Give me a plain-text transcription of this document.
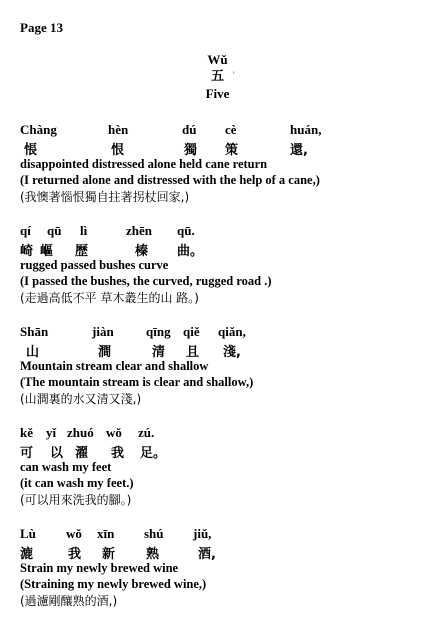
Page 13
Wǔ
五
Five
'
Chàng	hèn	dú cè	huán,
悵	恨	獨 策	還,
disappointed distressed alone held cane return
(I returned alone and distressed with the help of a cane,)
(我懊著惱恨獨自拄著拐杖回家,)
qí qū lì	zhēn qū.
崎 嶇 歷	榛 曲。
rugged passed bushes curve
(I passed the bushes, the curved, rugged road .)
(走過高低不平 草木叢生的山 路。)
Shān	jiàn qīng qiě qiǎn,
山	澗	清 且 淺,
Mountain stream clear and shallow
(The mountain stream is clear and shallow,)
(山澗裏的水又清又淺,)
kě yǐ zhuó wǒ zú.
可 以 濯 我 足。
can wash my feet
(it can wash my feet.)
(可以用來洗我的腳。)
Lù wǒ xīn shú jiǔ,
漉	我 新 熟	酒,
Strain my newly brewed wine
(Straining my newly brewed wine,)
(過濾剛釀熟的酒,)
